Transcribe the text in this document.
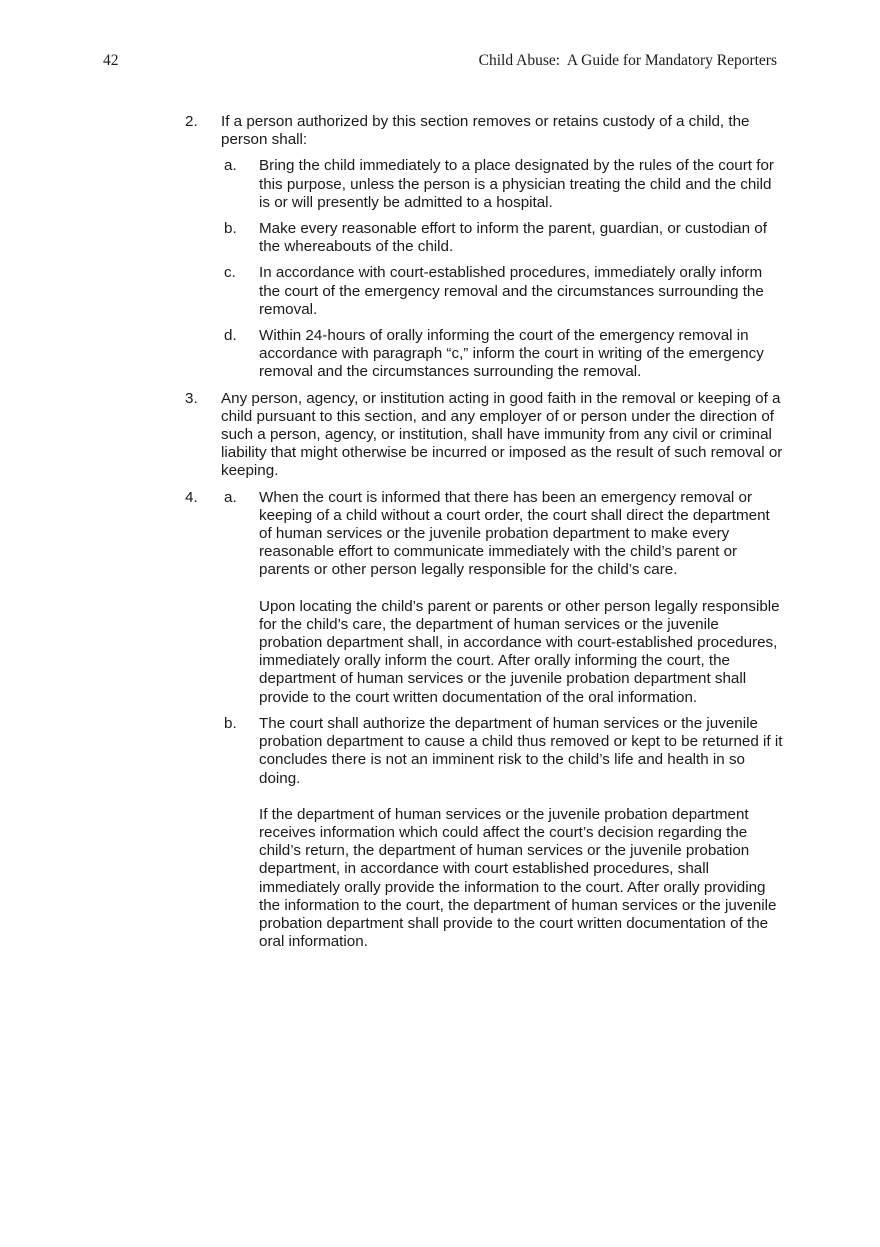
42	Child Abuse:  A Guide for Mandatory Reporters
2. If a person authorized by this section removes or retains custody of a child, the person shall:
a. Bring the child immediately to a place designated by the rules of the court for this purpose, unless the person is a physician treating the child and the child is or will presently be admitted to a hospital.
b. Make every reasonable effort to inform the parent, guardian, or custodian of the whereabouts of the child.
c. In accordance with court-established procedures, immediately orally inform the court of the emergency removal and the circumstances surrounding the removal.
d. Within 24-hours of orally informing the court of the emergency removal in accordance with paragraph “c,” inform the court in writing of the emergency removal and the circumstances surrounding the removal.
3. Any person, agency, or institution acting in good faith in the removal or keeping of a child pursuant to this section, and any employer of or person under the direction of such a person, agency, or institution, shall have immunity from any civil or criminal liability that might otherwise be incurred or imposed as the result of such removal or keeping.
4. a. When the court is informed that there has been an emergency removal or keeping of a child without a court order, the court shall direct the department of human services or the juvenile probation department to make every reasonable effort to communicate immediately with the child’s parent or parents or other person legally responsible for the child’s care.
Upon locating the child’s parent or parents or other person legally responsible for the child’s care, the department of human services or the juvenile probation department shall, in accordance with court-established procedures, immediately orally inform the court. After orally informing the court, the department of human services or the juvenile probation department shall provide to the court written documentation of the oral information.
b. The court shall authorize the department of human services or the juvenile probation department to cause a child thus removed or kept to be returned if it concludes there is not an imminent risk to the child’s life and health in so doing.
If the department of human services or the juvenile probation department receives information which could affect the court’s decision regarding the child’s return, the department of human services or the juvenile probation department, in accordance with court established procedures, shall immediately orally provide the information to the court. After orally providing the information to the court, the department of human services or the juvenile probation department shall provide to the court written documentation of the oral information.
